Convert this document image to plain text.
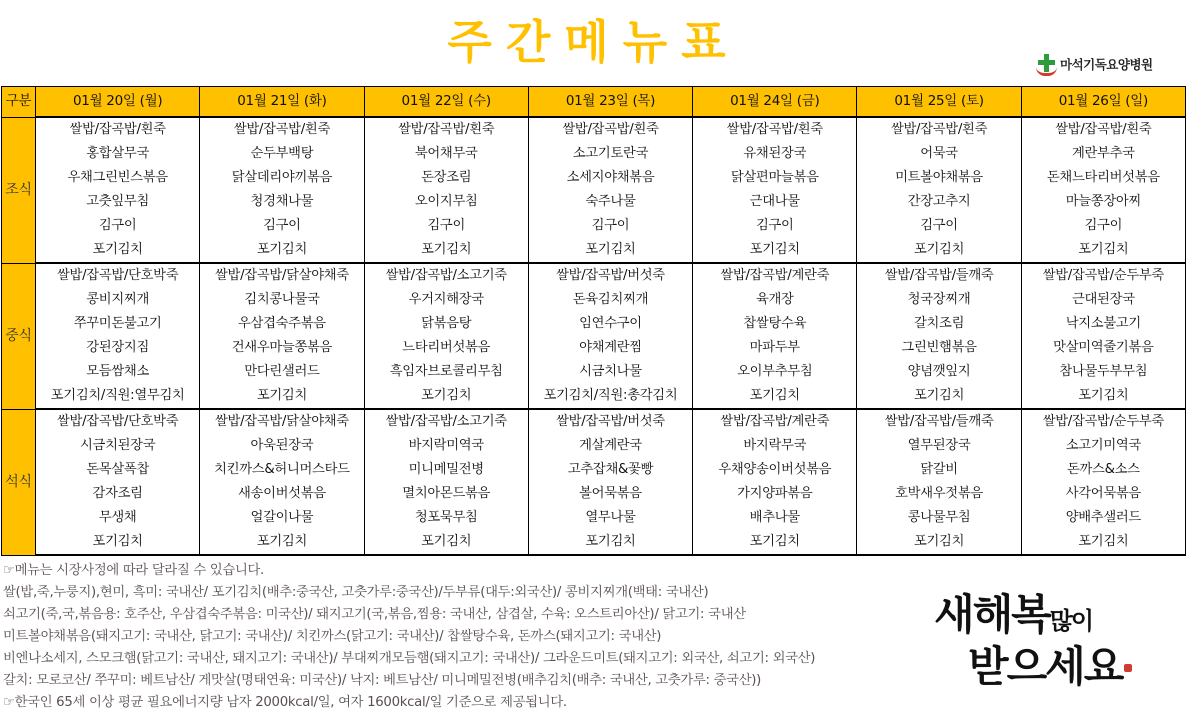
주간메뉴표	마석기독요양병원
구분	01월 20일 (월)	01월 21일 (화)	01월 22일 (수)	01월 23일 (목)	01월 24일 (금)	01월 25일 (토)	01월 26일 (일)
조식	쌀밥/잡곡밥/흰죽	쌀밥/잡곡밥/흰죽	쌀밥/잡곡밥/흰죽	쌀밥/잡곡밥/흰죽	쌀밥/잡곡밥/흰죽	쌀밥/잡곡밥/흰죽	쌀밥/잡곡밥/흰죽
	홍합살무국	순두부백탕	북어채무국	소고기토란국	유채된장국	어묵국	계란부추국
	우채그린빈스볶음	닭살데리야끼볶음	돈장조림	소세지야채볶음	닭살편마늘볶음	미트볼야채볶음	돈채느타리버섯볶음
	고춧잎무침	청경채나물	오이지무침	숙주나물	근대나물	간장고추지	마늘쫑장아찌
	김구이	김구이	김구이	김구이	김구이	김구이	김구이
	포기김치	포기김치	포기김치	포기김치	포기김치	포기김치	포기김치
중식	쌀밥/잡곡밥/단호박죽	쌀밥/잡곡밥/닭살야채죽	쌀밥/잡곡밥/소고기죽	쌀밥/잡곡밥/버섯죽	쌀밥/잡곡밥/계란죽	쌀밥/잡곡밥/들깨죽	쌀밥/잡곡밥/순두부죽
	콩비지찌개	김치콩나물국	우거지해장국	돈육김치찌개	육개장	청국장찌개	근대된장국
	쭈꾸미돈불고기	우삼겹숙주볶음	닭볶음탕	임연수구이	찹쌀탕수육	갈치조림	낙지소불고기
	강된장지짐	건새우마늘쫑볶음	느타리버섯볶음	야채계란찜	마파두부	그린빈햄볶음	맛살미역줄기볶음
	모듬쌈채소	만다린샐러드	흑임자브로콜리무침	시금치나물	오이부추무침	양념깻잎지	참나물두부무침
	포기김치/직원:열무김치	포기김치	포기김치	포기김치/직원:총각김치	포기김치	포기김치	포기김치
석식	쌀밥/잡곡밥/단호박죽	쌀밥/잡곡밥/닭살야채죽	쌀밥/잡곡밥/소고기죽	쌀밥/잡곡밥/버섯죽	쌀밥/잡곡밥/계란죽	쌀밥/잡곡밥/들깨죽	쌀밥/잡곡밥/순두부죽
	시금치된장국	아욱된장국	바지락미역국	게살계란국	바지락무국	열무된장국	소고기미역국
	돈목살폭찹	치킨까스&허니머스타드	미니메밀전병	고추잡채&꽃빵	우채양송이버섯볶음	닭갈비	돈까스&소스
	감자조림	새송이버섯볶음	멸치아몬드볶음	볼어묵볶음	가지양파볶음	호박새우젓볶음	사각어묵볶음
	무생채	얼갈이나물	청포묵무침	열무나물	배추나물	콩나물무침	양배추샐러드
	포기김치	포기김치	포기김치	포기김치	포기김치	포기김치	포기김치

☞메뉴는 시장사정에 따라 달라질 수 있습니다.

쌀(밥,죽,누룽지),현미, 흑미: 국내산/ 포기김치(배추:중국산, 고춧가루:중국산)/두부류(대두:외국산)/ 콩비지찌개(백태: 국내산)

쇠고기(죽,국,볶음용: 호주산, 우삼겹숙주볶음: 미국산)/ 돼지고기(국,볶음,찜용: 국내산, 삼겹살, 수육: 오스트리아산)/ 닭고기: 국내산

미트볼야채볶음(돼지고기: 국내산, 닭고기: 국내산)/ 치킨까스(닭고기: 국내산)/ 찹쌀탕수육, 돈까스(돼지고기: 국내산)

비엔나소세지, 스모크햄(닭고기: 국내산, 돼지고기: 국내산)/ 부대찌개모듬햄(돼지고기: 국내산)/ 그라운드미트(돼지고기: 외국산, 쇠고기: 외국산)

갈치: 모로코산/ 쭈꾸미: 베트남산/ 게맛살(명태연육: 미국산)/ 낙지: 베트남산/ 미니메밀전병(배추김치(배추: 국내산, 고춧가루: 중국산))

☞한국인 65세 이상 평균 필요에너지량 남자 2000kcal/일, 여자 1600kcal/일 기준으로 제공됩니다.

새해복많이
받으세요
